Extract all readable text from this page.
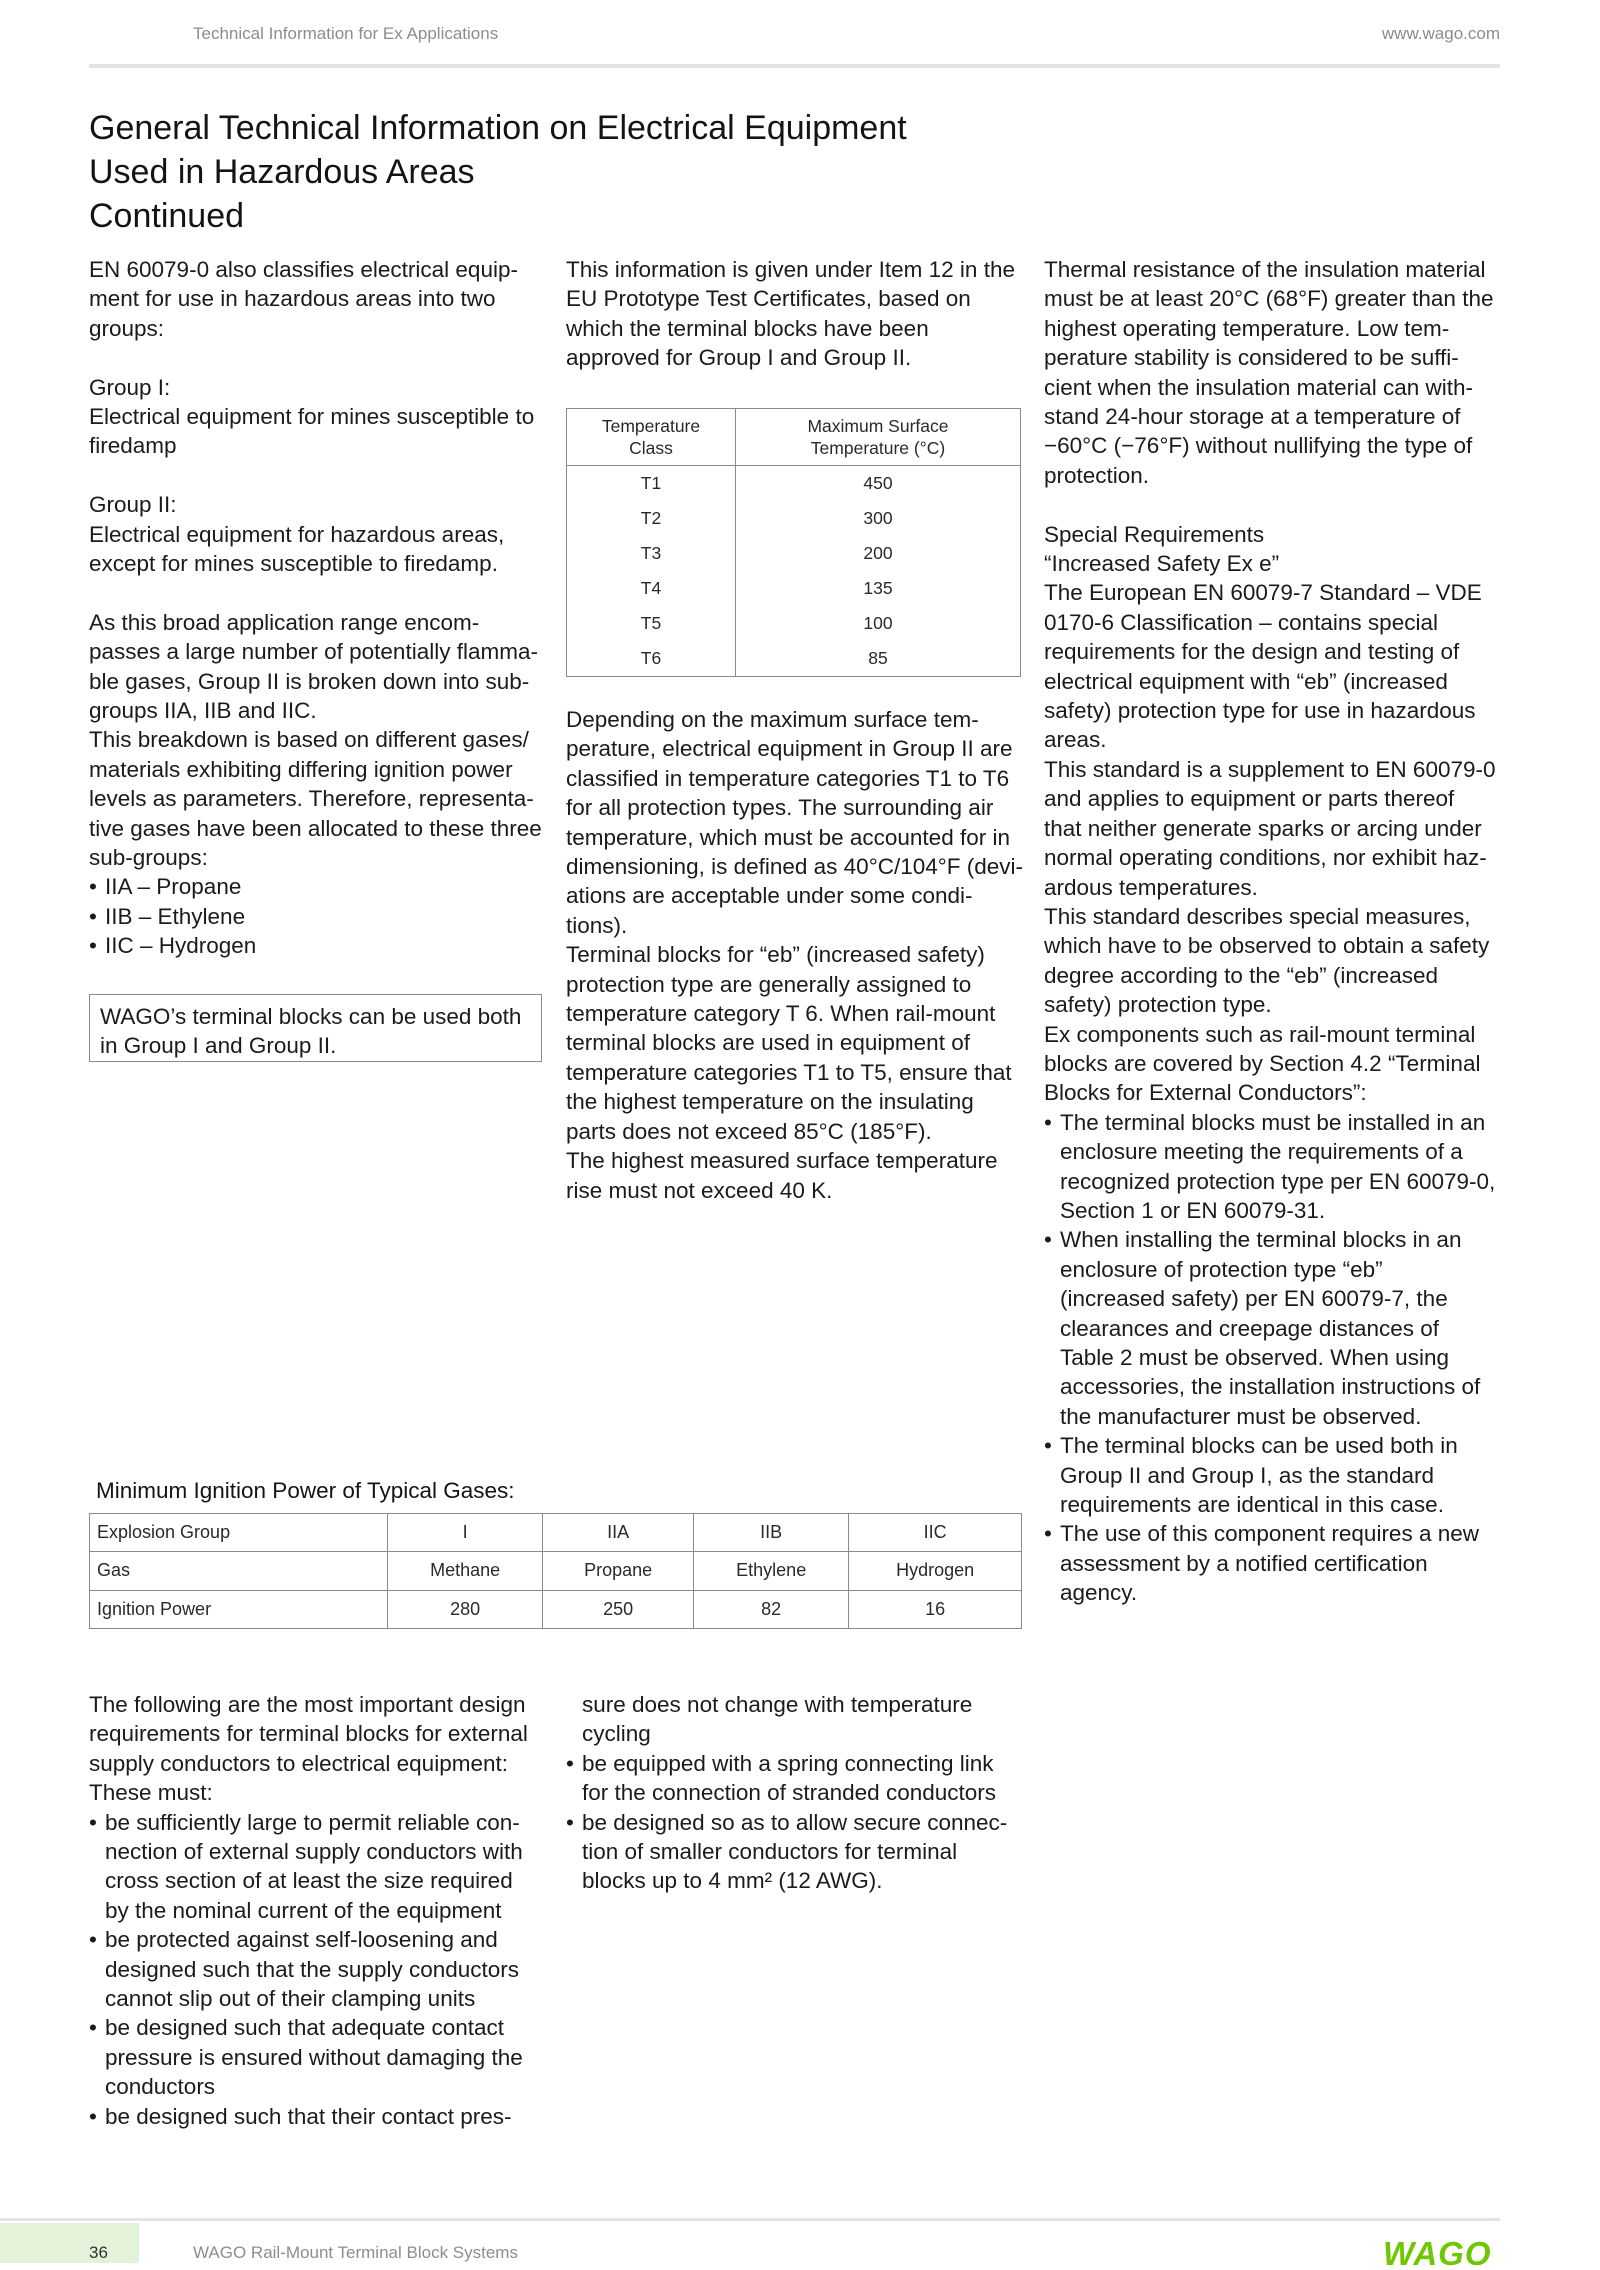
Technical Information for Ex Applications	www.wago.com
General Technical Information on Electrical Equipment
Used in Hazardous Areas
Continued

EN 60079-0 also classifies electrical equip-
ment for use in hazardous areas into two
groups:

Group I:

Electrical equipment for mines susceptible to
firedamp

Group II:

Electrical equipment for hazardous areas,
except for mines susceptible to firedamp.

As this broad application range encom-
passes a large number of potentially flamma-
ble gases, Group II is broken down into sub-
groups IIA, IIB and IIC.
This breakdown is based on different gases/
materials exhibiting differing ignition power
levels as parameters. Therefore, representa-
tive gases have been allocated to these three
sub-groups:

• IIA – Propane
• IIB – Ethylene
• IIC – Hydrogen
WAGO’s terminal blocks can be used both
in Group I and Group II.

This information is given under Item 12 in the
EU Prototype Test Certificates, based on
which the terminal blocks have been
approved for Group I and Group II.

Temperature
Class	Maximum Surface
Temperature (°C)
T1	450
T2	300
T3	200
T4	135
T5	100
T6	85

Depending on the maximum surface tem-
perature, electrical equipment in Group II are
classified in temperature categories T1 to T6
for all protection types. The surrounding air
temperature, which must be accounted for in
dimensioning, is defined as 40°C/104°F (devi-
ations are acceptable under some condi-
tions).
Terminal blocks for “eb” (increased safety)
protection type are generally assigned to
temperature category T 6. When rail-mount
terminal blocks are used in equipment of
temperature categories T1 to T5, ensure that
the highest temperature on the insulating
parts does not exceed 85°C (185°F).
The highest measured surface temperature
rise must not exceed 40 K.

Thermal resistance of the insulation material
must be at least 20°C (68°F) greater than the
highest operating temperature. Low tem-
perature stability is considered to be suffi-
cient when the insulation material can with-
stand 24-hour storage at a temperature of
−60°C (−76°F) without nullifying the type of
protection.

Special Requirements

“Increased Safety Ex e”

The European EN 60079-7 Standard – VDE
0170-6 Classification – contains special
requirements for the design and testing of
electrical equipment with “eb” (increased
safety) protection type for use in hazardous
areas.
This standard is a supplement to EN 60079-0
and applies to equipment or parts thereof
that neither generate sparks or arcing under
normal operating conditions, nor exhibit haz-
ardous temperatures.
This standard describes special measures,
which have to be observed to obtain a safety
degree according to the “eb” (increased
safety) protection type.
Ex components such as rail-mount terminal
blocks are covered by Section 4.2 “Terminal
Blocks for External Conductors”:

• The terminal blocks must be installed in an
enclosure meeting the requirements of a
recognized protection type per EN 60079-0,
Section 1 or EN 60079-31.
• When installing the terminal blocks in an
enclosure of protection type “eb”
(increased safety) per EN 60079-7, the
clearances and creepage distances of
Table 2 must be observed. When using
accessories, the installation instructions of
the manufacturer must be observed.
• The terminal blocks can be used both in
Group II and Group I, as the standard
requirements are identical in this case.
• The use of this component requires a new
assessment by a notified certification
agency.
Minimum Ignition Power of Typical Gases:
Explosion Group	I	IIA	IIB	IIC
Gas	Methane	Propane	Ethylene	Hydrogen
Ignition Power	280	250	82	16

The following are the most important design
requirements for terminal blocks for external
supply conductors to electrical equipment:
These must:

• be sufficiently large to permit reliable con-
nection of external supply conductors with
cross section of at least the size required
by the nominal current of the equipment
• be protected against self-loosening and
designed such that the supply conductors
cannot slip out of their clamping units
• be designed such that adequate contact
pressure is ensured without damaging the
conductors
• be designed such that their contact pres-

sure does not change with temperature
cycling

• be equipped with a spring connecting link
for the connection of stranded conductors
• be designed so as to allow secure connec-
tion of smaller conductors for terminal
blocks up to 4 mm² (12 AWG).
36	WAGO Rail-Mount Terminal Block Systems	WAGO
